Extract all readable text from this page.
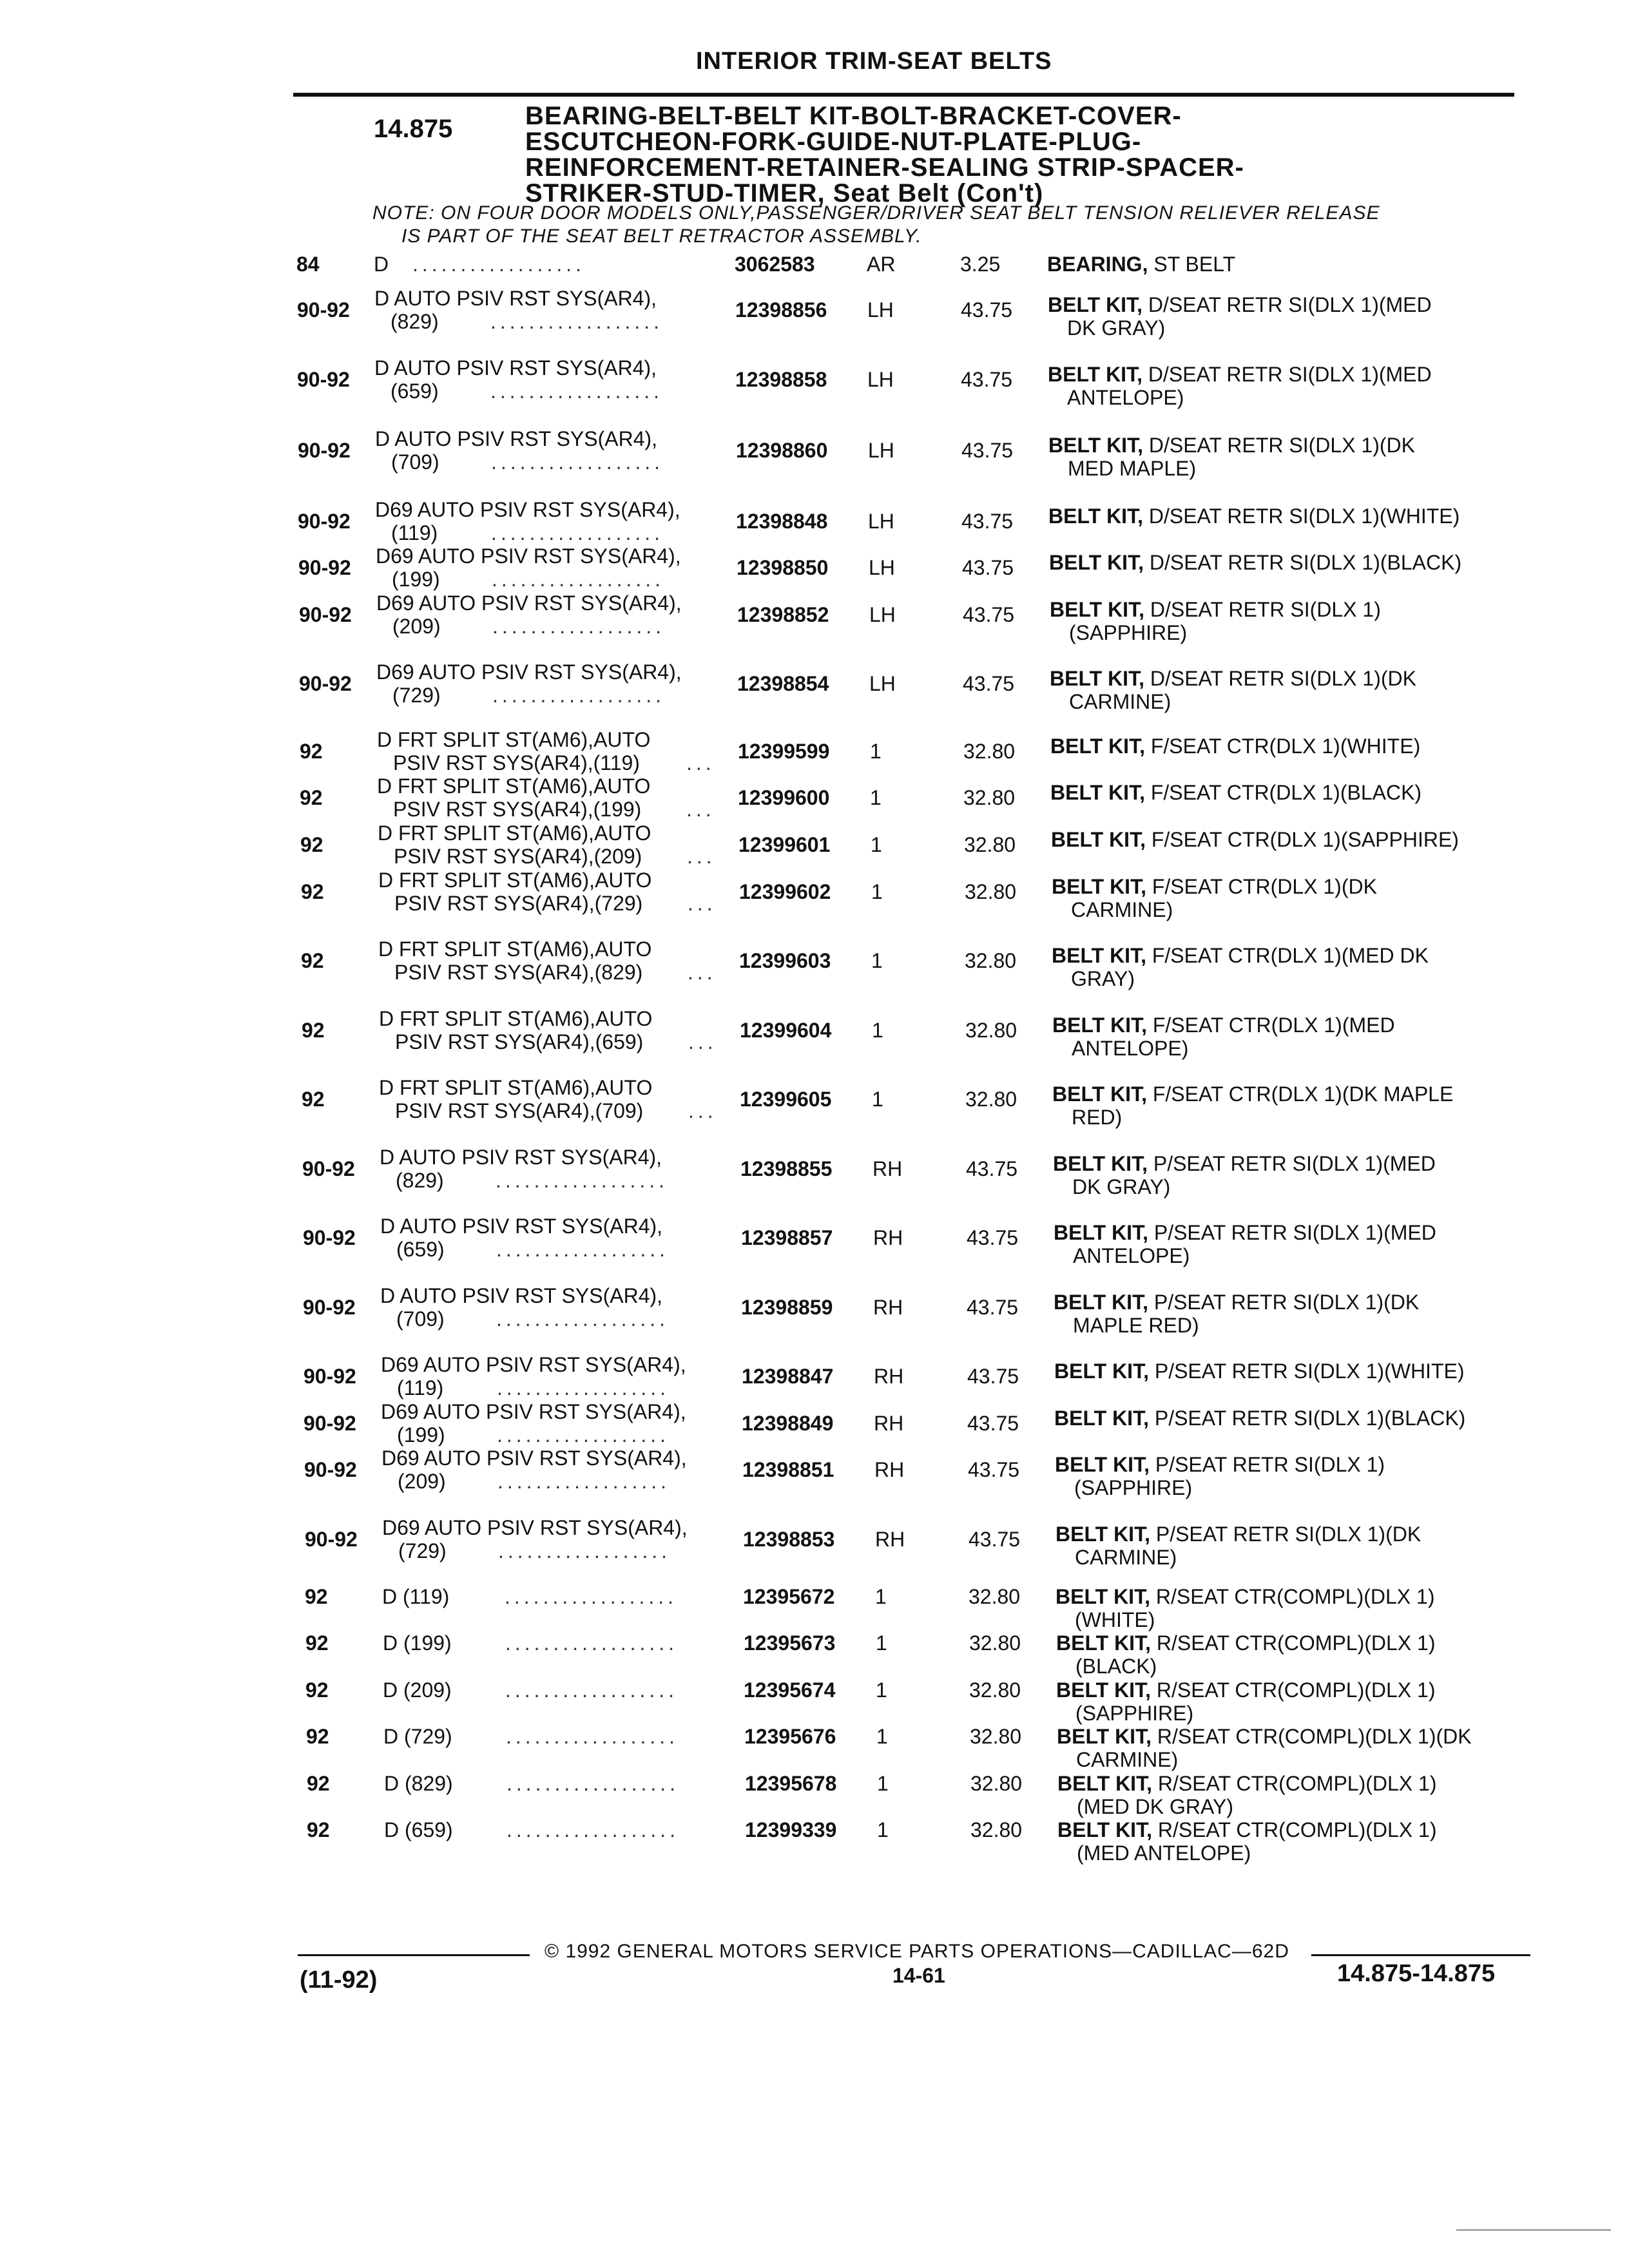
INTERIOR TRIM-SEAT BELTS
14.875	BEARING-BELT-BELT KIT-BOLT-BRACKET-COVER-
ESCUTCHEON-FORK-GUIDE-NUT-PLATE-PLUG-
REINFORCEMENT-RETAINER-SEALING STRIP-SPACER-
STRIKER-STUD-TIMER, Seat Belt (Con't)
NOTE: ON FOUR DOOR MODELS ONLY,PASSENGER/DRIVER SEAT BELT TENSION RELIEVER RELEASE
IS PART OF THE SEAT BELT RETRACTOR ASSEMBLY.
84	D ..................	3062583	AR	3.25 BEARING, ST BELT
90-92 D AUTO PSIV RST SYS(AR4),
(829)	..................	12398856 LH	43.75 BELT KIT, D/SEAT RETR SI(DLX 1)(MED
DK GRAY)
90-92 D AUTO PSIV RST SYS(AR4),
(659)	..................	12398858 LH	43.75 BELT KIT, D/SEAT RETR SI(DLX 1)(MED
ANTELOPE)
90-92 D AUTO PSIV RST SYS(AR4),
(709)	..................	12398860 LH	43.75 BELT KIT, D/SEAT RETR SI(DLX 1)(DK
MED MAPLE)
90-92 D69 AUTO PSIV RST SYS(AR4),
(119)	..................	12398848 LH	43.75 BELT KIT, D/SEAT RETR SI(DLX 1)(WHITE)
90-92 D69 AUTO PSIV RST SYS(AR4),
(199)	..................	12398850 LH	43.75 BELT KIT, D/SEAT RETR SI(DLX 1)(BLACK)
90-92 D69 AUTO PSIV RST SYS(AR4),
(209)	..................	12398852 LH	43.75 BELT KIT, D/SEAT RETR SI(DLX 1)
(SAPPHIRE)
90-92 D69 AUTO PSIV RST SYS(AR4),
(729)	..................	12398854 LH	43.75 BELT KIT, D/SEAT RETR SI(DLX 1)(DK
CARMINE)
92	D FRT SPLIT ST(AM6),AUTO
PSIV RST SYS(AR4),(119) ... 12399599 1	32.80 BELT KIT, F/SEAT CTR(DLX 1)(WHITE)
92	D FRT SPLIT ST(AM6),AUTO
PSIV RST SYS(AR4),(199) ... 12399600 1	32.80 BELT KIT, F/SEAT CTR(DLX 1)(BLACK)
92	D FRT SPLIT ST(AM6),AUTO
PSIV RST SYS(AR4),(209) ... 12399601 1	32.80 BELT KIT, F/SEAT CTR(DLX 1)(SAPPHIRE)
92	D FRT SPLIT ST(AM6),AUTO
PSIV RST SYS(AR4),(729) ... 12399602 1	32.80 BELT KIT, F/SEAT CTR(DLX 1)(DK
CARMINE)
92	D FRT SPLIT ST(AM6),AUTO
PSIV RST SYS(AR4),(829) ... 12399603 1	32.80 BELT KIT, F/SEAT CTR(DLX 1)(MED DK
GRAY)
92	D FRT SPLIT ST(AM6),AUTO
PSIV RST SYS(AR4),(659) ... 12399604 1	32.80 BELT KIT, F/SEAT CTR(DLX 1)(MED
ANTELOPE)
92	D FRT SPLIT ST(AM6),AUTO
PSIV RST SYS(AR4),(709) ... 12399605 1	32.80 BELT KIT, F/SEAT CTR(DLX 1)(DK MAPLE
RED)
90-92 D AUTO PSIV RST SYS(AR4),
(829)	..................	12398855 RH	43.75 BELT KIT, P/SEAT RETR SI(DLX 1)(MED
DK GRAY)
90-92 D AUTO PSIV RST SYS(AR4),
(659)	..................	12398857 RH	43.75 BELT KIT, P/SEAT RETR SI(DLX 1)(MED
ANTELOPE)
90-92 D AUTO PSIV RST SYS(AR4),
(709)	..................	12398859 RH	43.75 BELT KIT, P/SEAT RETR SI(DLX 1)(DK
MAPLE RED)
90-92 D69 AUTO PSIV RST SYS(AR4),
(119)	..................	12398847 RH	43.75 BELT KIT, P/SEAT RETR SI(DLX 1)(WHITE)
90-92 D69 AUTO PSIV RST SYS(AR4),
(199)	..................	12398849 RH	43.75 BELT KIT, P/SEAT RETR SI(DLX 1)(BLACK)
90-92 D69 AUTO PSIV RST SYS(AR4),
(209)	..................	12398851 RH	43.75 BELT KIT, P/SEAT RETR SI(DLX 1)
(SAPPHIRE)
90-92 D69 AUTO PSIV RST SYS(AR4),
(729)	..................	12398853 RH	43.75 BELT KIT, P/SEAT RETR SI(DLX 1)(DK
CARMINE)
92	D (119)	..................	12395672 1	32.80 BELT KIT, R/SEAT CTR(COMPL)(DLX 1)
(WHITE)
92	D (199)	..................	12395673 1	32.80 BELT KIT, R/SEAT CTR(COMPL)(DLX 1)
(BLACK)
92	D (209)	..................	12395674 1	32.80 BELT KIT, R/SEAT CTR(COMPL)(DLX 1)
(SAPPHIRE)
92	D (729)	..................	12395676 1	32.80 BELT KIT, R/SEAT CTR(COMPL)(DLX 1)(DK
CARMINE)
92	D (829)	..................	12395678 1	32.80 BELT KIT, R/SEAT CTR(COMPL)(DLX 1)
(MED DK GRAY)
92	D (659)	..................	12399339 1	32.80 BELT KIT, R/SEAT CTR(COMPL)(DLX 1)
(MED ANTELOPE)
© 1992 GENERAL MOTORS SERVICE PARTS OPERATIONS—CADILLAC—62D
(11-92)	14-61	14.875-14.875
